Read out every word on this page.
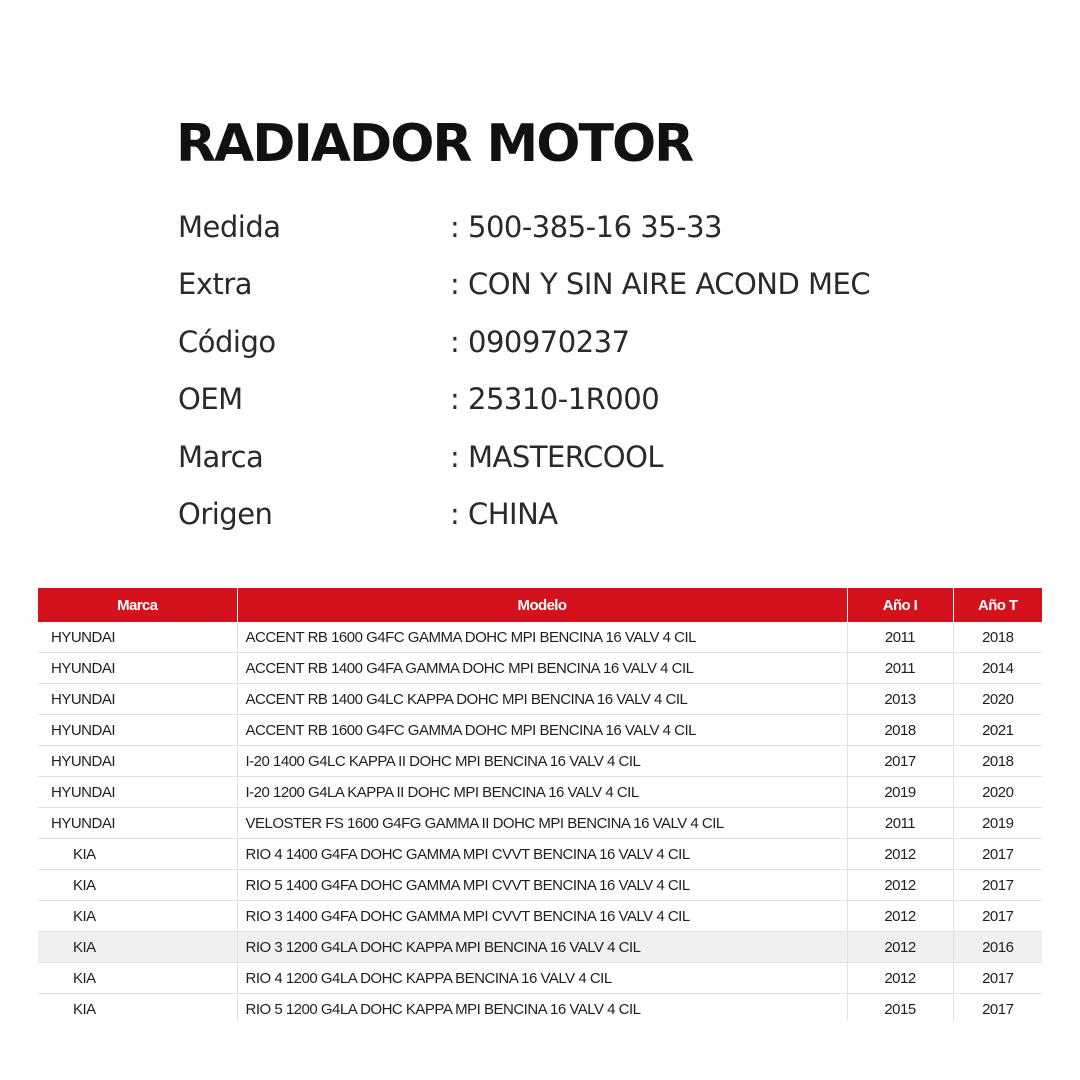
RADIADOR MOTOR
Medida	: 500-385-16 35-33
Extra	: CON Y SIN AIRE ACOND MEC
Código	: 090970237
OEM	: 25310-1R000
Marca	: MASTERCOOL
Origen	: CHINA
Marca	Modelo	Año I	Año T
HYUNDAI	ACCENT RB 1600 G4FC GAMMA DOHC MPI BENCINA 16 VALV 4 CIL	2011	2018
HYUNDAI	ACCENT RB 1400 G4FA GAMMA DOHC MPI BENCINA 16 VALV 4 CIL	2011	2014
HYUNDAI	ACCENT RB 1400 G4LC KAPPA DOHC MPI BENCINA 16 VALV 4 CIL	2013	2020
HYUNDAI	ACCENT RB 1600 G4FC GAMMA DOHC MPI BENCINA 16 VALV 4 CIL	2018	2021
HYUNDAI	I-20 1400 G4LC KAPPA II DOHC MPI BENCINA 16 VALV 4 CIL	2017	2018
HYUNDAI	I-20 1200 G4LA KAPPA II DOHC MPI BENCINA 16 VALV 4 CIL	2019	2020
HYUNDAI	VELOSTER FS 1600 G4FG GAMMA II DOHC MPI BENCINA 16 VALV 4 CIL	2011	2019
KIA	RIO 4 1400 G4FA DOHC GAMMA MPI CVVT BENCINA 16 VALV 4 CIL	2012	2017
KIA	RIO 5 1400 G4FA DOHC GAMMA MPI CVVT BENCINA 16 VALV 4 CIL	2012	2017
KIA	RIO 3 1400 G4FA DOHC GAMMA MPI CVVT BENCINA 16 VALV 4 CIL	2012	2017
KIA	RIO 3 1200 G4LA DOHC KAPPA MPI BENCINA 16 VALV 4 CIL	2012	2016
KIA	RIO 4 1200 G4LA DOHC KAPPA BENCINA 16 VALV 4 CIL	2012	2017
KIA	RIO 5 1200 G4LA DOHC KAPPA MPI BENCINA 16 VALV 4 CIL	2015	2017
